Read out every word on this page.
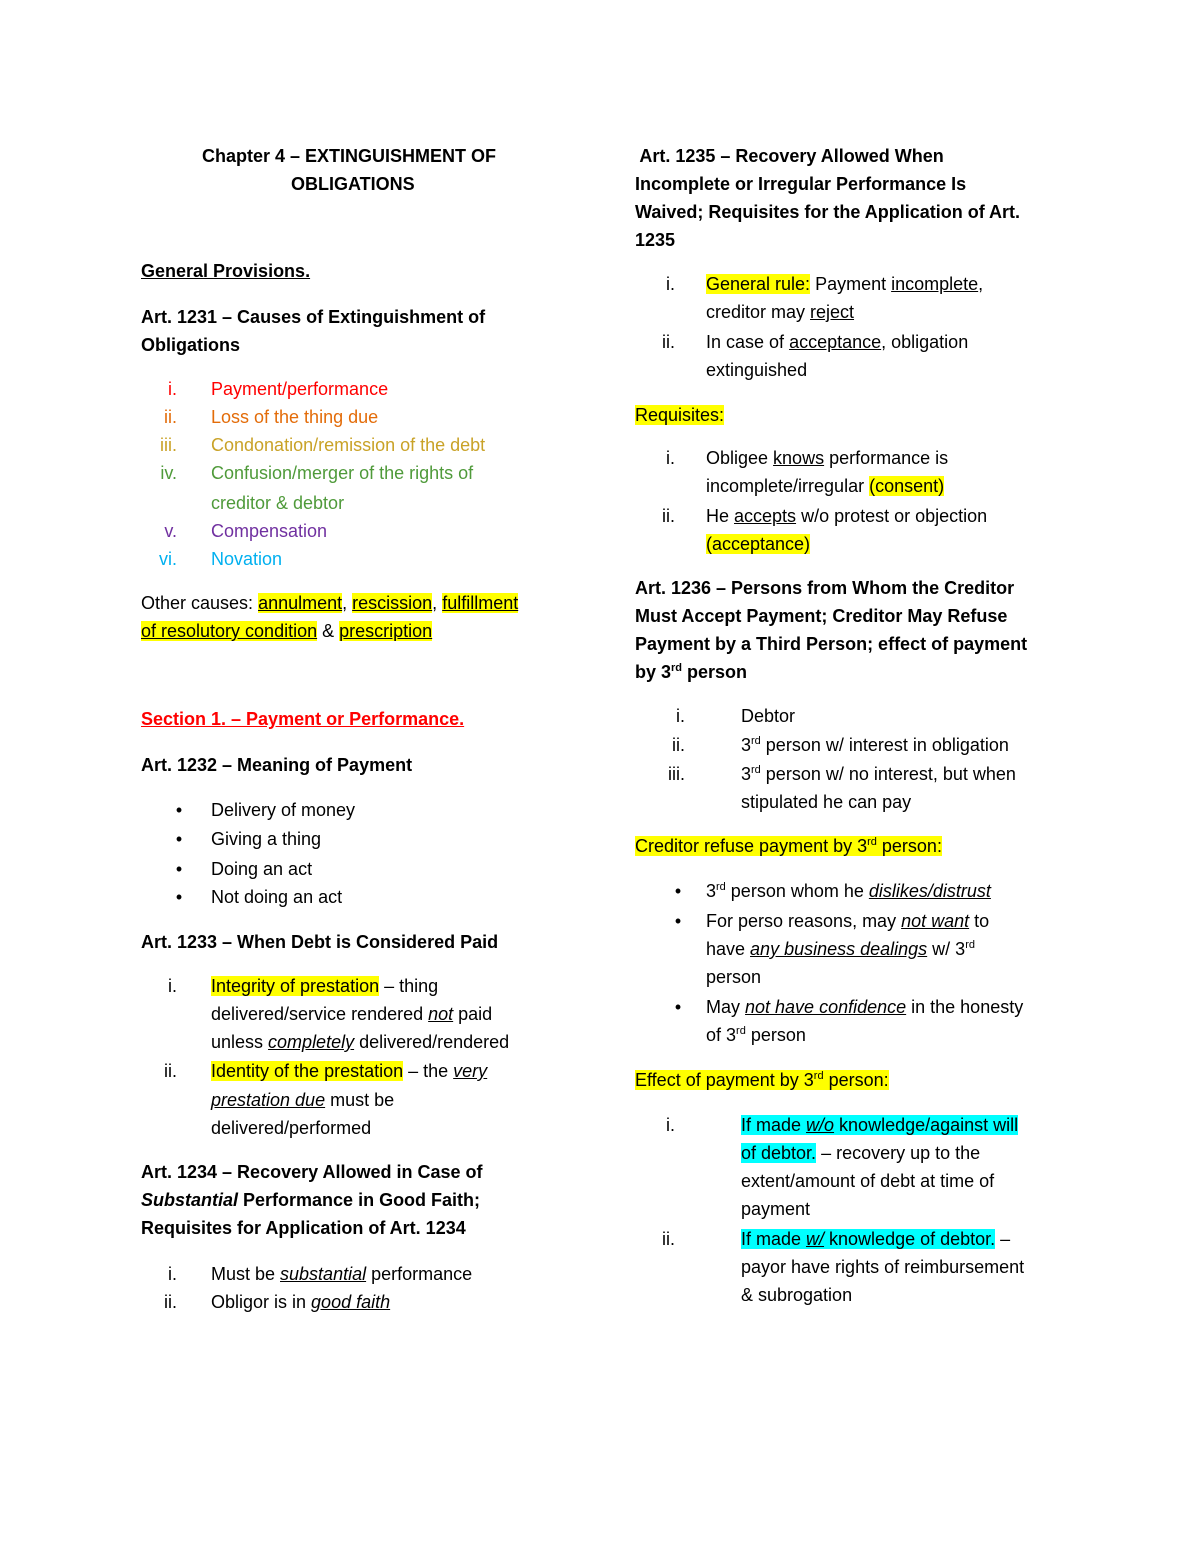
Chapter 4 – EXTINGUISHMENT OF
OBLIGATIONS
General Provisions.
Art. 1231 – Causes of Extinguishment of
Obligations
i. Payment/performance
ii. Loss of the thing due
iii. Condonation/remission of the debt
iv. Confusion/merger of the rights of
creditor & debtor
v. Compensation
vi. Novation
Other causes: annulment, rescission, fulfillment
of resolutory condition & prescription
Section 1. – Payment or Performance.
Art. 1232 – Meaning of Payment
•	Delivery of money
•	Giving a thing
•	Doing an act
•	Not doing an act
Art. 1233 – When Debt is Considered Paid
i. Integrity of prestation – thing
delivered/service rendered not paid
unless completely delivered/rendered
ii. Identity of the prestation – the very
prestation due must be
delivered/performed
Art. 1234 – Recovery Allowed in Case of
Substantial Performance in Good Faith;
Requisites for Application of Art. 1234
i. Must be substantial performance
ii. Obligor is in good faith
Art. 1235 – Recovery Allowed When
Incomplete or Irregular Performance Is
Waived; Requisites for the Application of Art.
1235
i. General rule: Payment incomplete,
creditor may reject
ii. In case of acceptance, obligation
extinguished
Requisites:
i. Obligee knows performance is
incomplete/irregular (consent)
ii. He accepts w/o protest or objection
(acceptance)
Art. 1236 – Persons from Whom the Creditor
Must Accept Payment; Creditor May Refuse
Payment by a Third Person; effect of payment
by 3rd person
i.	Debtor
ii.	3rd person w/ interest in obligation
iii.	3rd person w/ no interest, but when
stipulated he can pay
Creditor refuse payment by 3rd person:
•	3rd person whom he dislikes/distrust
•	For perso reasons, may not want to
have any business dealings w/ 3rd
person
•	May not have confidence in the honesty
of 3rd person
Effect of payment by 3rd person:
i.	If made w/o knowledge/against will
of debtor. – recovery up to the
extent/amount of debt at time of
payment
ii.	If made w/ knowledge of debtor. –
payor have rights of reimbursement
& subrogation
